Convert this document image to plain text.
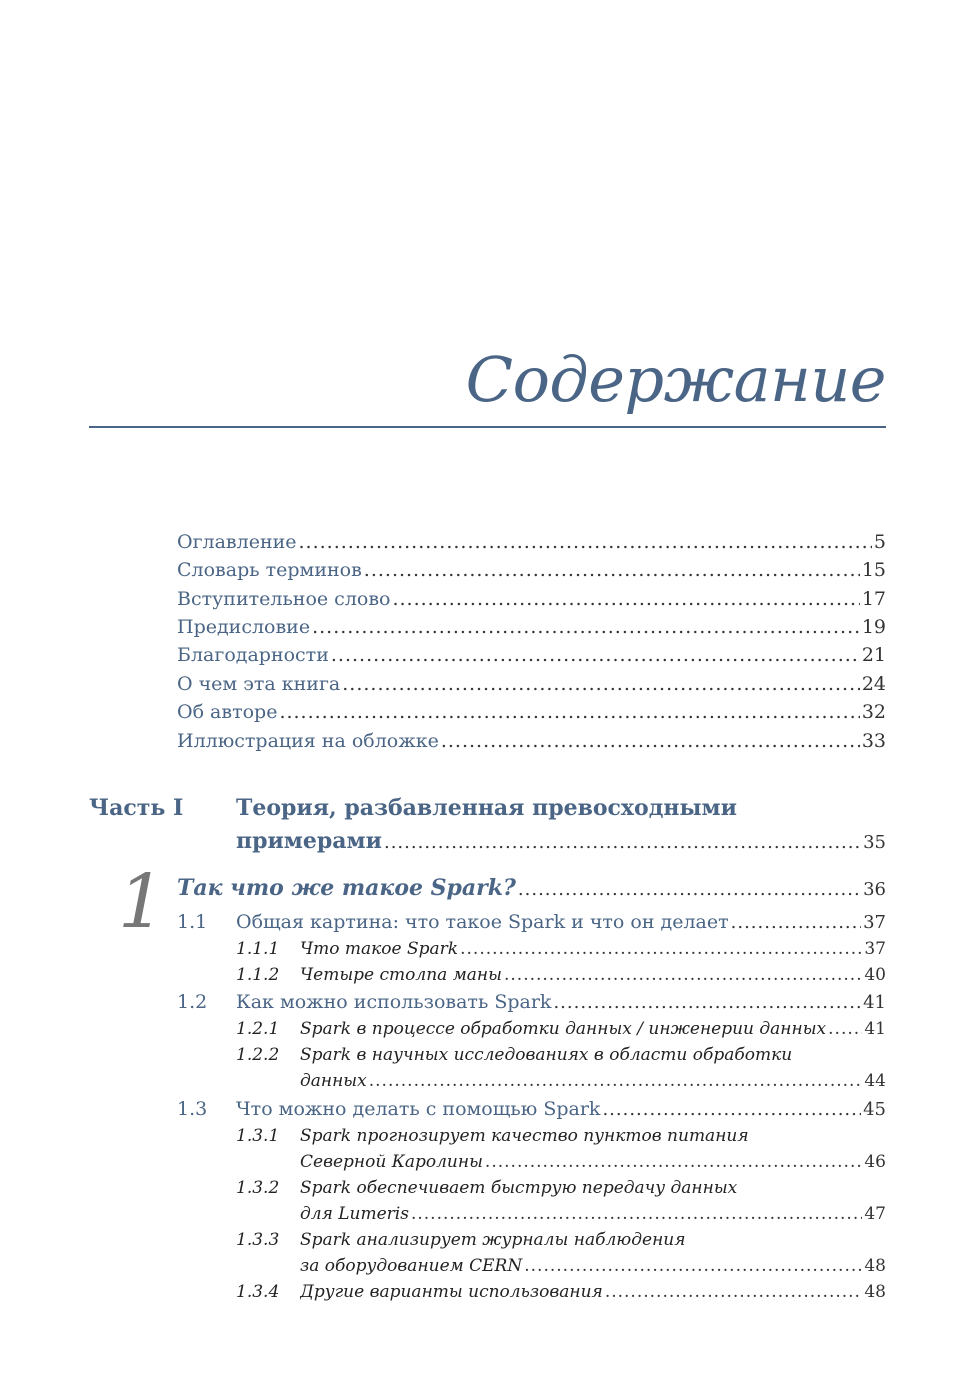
Содержание
Оглавление .....	5
Словарь терминов .....	15
Вступительное слово .....	17
Предисловие .....	19
Благодарности .....	21
О чем эта книга .....	24
Об авторе .....	32
Иллюстрация на обложке .....	33
Часть I Теория, разбавленная превосходными
примерами .....	35
1 Так что же такое Spark? .....	36
1.1 Общая картина: что такое Spark и что он делает .....	37
1.1.1 Что такое Spark .....	37
1.1.2 Четыре столпа маны .....	40
1.2 Как можно использовать Spark .....	41
1.2.1 Spark в процессе обработки данных / инженерии данных ..... 41
1.2.2 Spark в научных исследованиях в области обработки
данных .....	44
1.3 Что можно делать с помощью Spark .....	45
1.3.1 Spark прогнозирует качество пунктов питания
Северной Каролины .....	46
1.3.2 Spark обеспечивает быструю передачу данных
для Lumeris .....	47
1.3.3 Spark анализирует журналы наблюдения
за оборудованием CERN .....	48
1.3.4 Другие варианты использования .....	48
